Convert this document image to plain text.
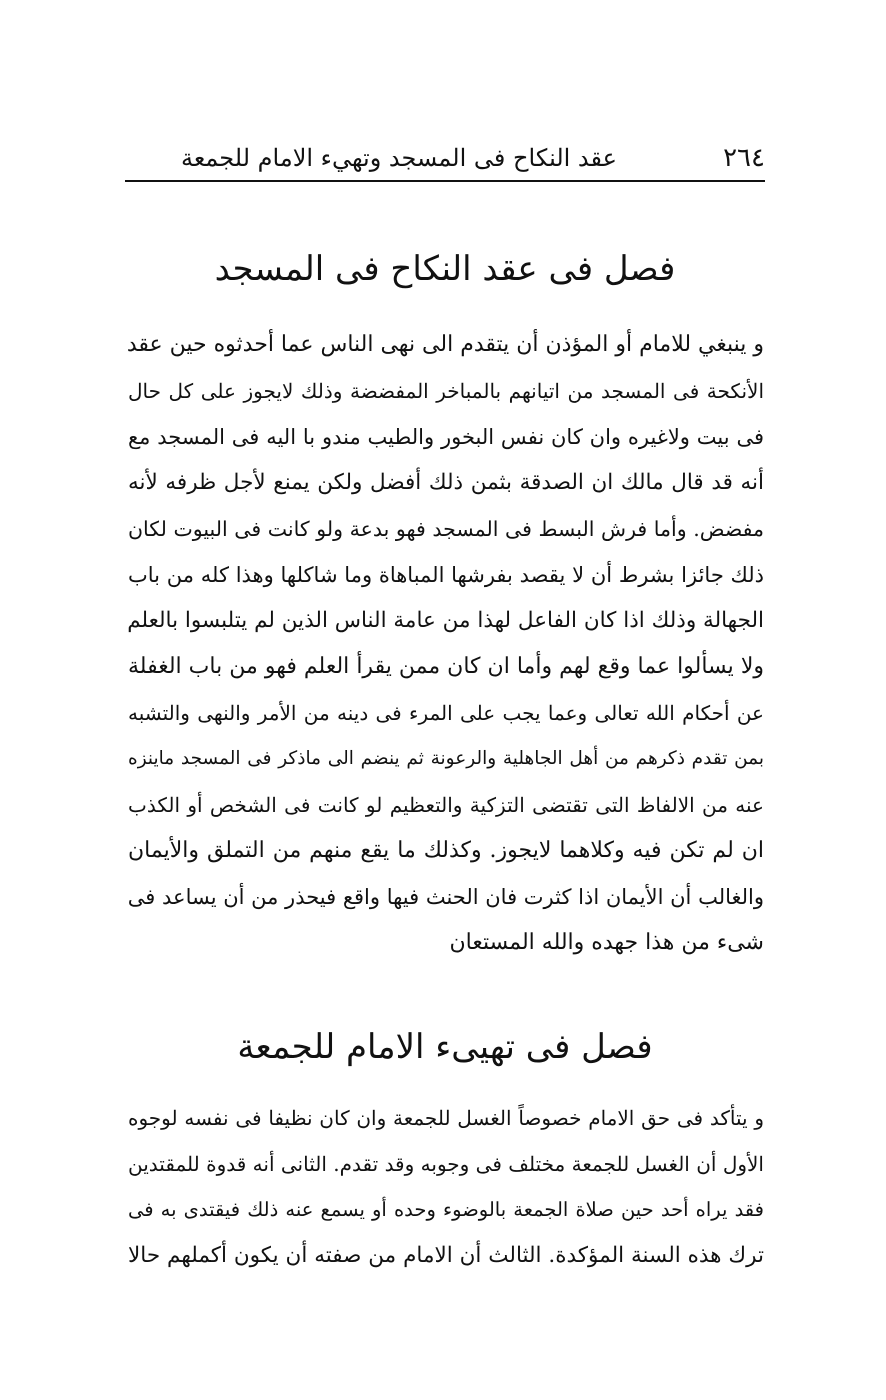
٢٦٤
عقد النكاح فى المسجد وتهيء الامام للجمعة
فصل فى عقد النكاح فى المسجد
و ينبغي للامام أو المؤذن أن يتقدم الى نهى الناس عما أحدثوه حين عقد
الأنكحة فى المسجد من اتيانهم بالمباخر المفضضة وذلك لايجوز على كل حال
فى بيت ولاغيره وان كان نفس البخور والطيب مندو با اليه فى المسجد مع
أنه قد قال مالك ان الصدقة بثمن ذلك أفضل ولكن يمنع لأجل ظرفه لأنه
مفضض. وأما فرش البسط فى المسجد فهو بدعة ولو كانت فى البيوت لكان
ذلك جائزا بشرط أن لا يقصد بفرشها المباهاة وما شاكلها وهذا كله من باب
الجهالة وذلك اذا كان الفاعل لهذا من عامة الناس الذين لم يتلبسوا بالعلم
ولا يسألوا عما وقع لهم وأما ان كان ممن يقرأ العلم فهو من باب الغفلة
عن أحكام الله تعالى وعما يجب على المرء فى دينه من الأمر والنهى والتشبه
بمن تقدم ذكرهم من أهل الجاهلية والرعونة ثم ينضم الى ماذكر فى المسجد ماينزه
عنه من الالفاظ التى تقتضى التزكية والتعظيم لو كانت فى الشخص أو الكذب
ان لم تكن فيه وكلاهما لايجوز. وكذلك ما يقع منهم من التملق والأيمان
والغالب أن الأيمان اذا كثرت فان الحنث فيها واقع فيحذر من أن يساعد فى
شىء من هذا جهده والله المستعان
فصل فى تهيىء الامام للجمعة
و يتأكد فى حق الامام خصوصاً الغسل للجمعة وان كان نظيفا فى نفسه لوجوه
الأول أن الغسل للجمعة مختلف فى وجوبه وقد تقدم. الثانى أنه قدوة للمقتدين
فقد يراه أحد حين صلاة الجمعة بالوضوء وحده أو يسمع عنه ذلك فيقتدى به فى
ترك هذه السنة المؤكدة. الثالث أن الامام من صفته أن يكون أكملهم حالا
